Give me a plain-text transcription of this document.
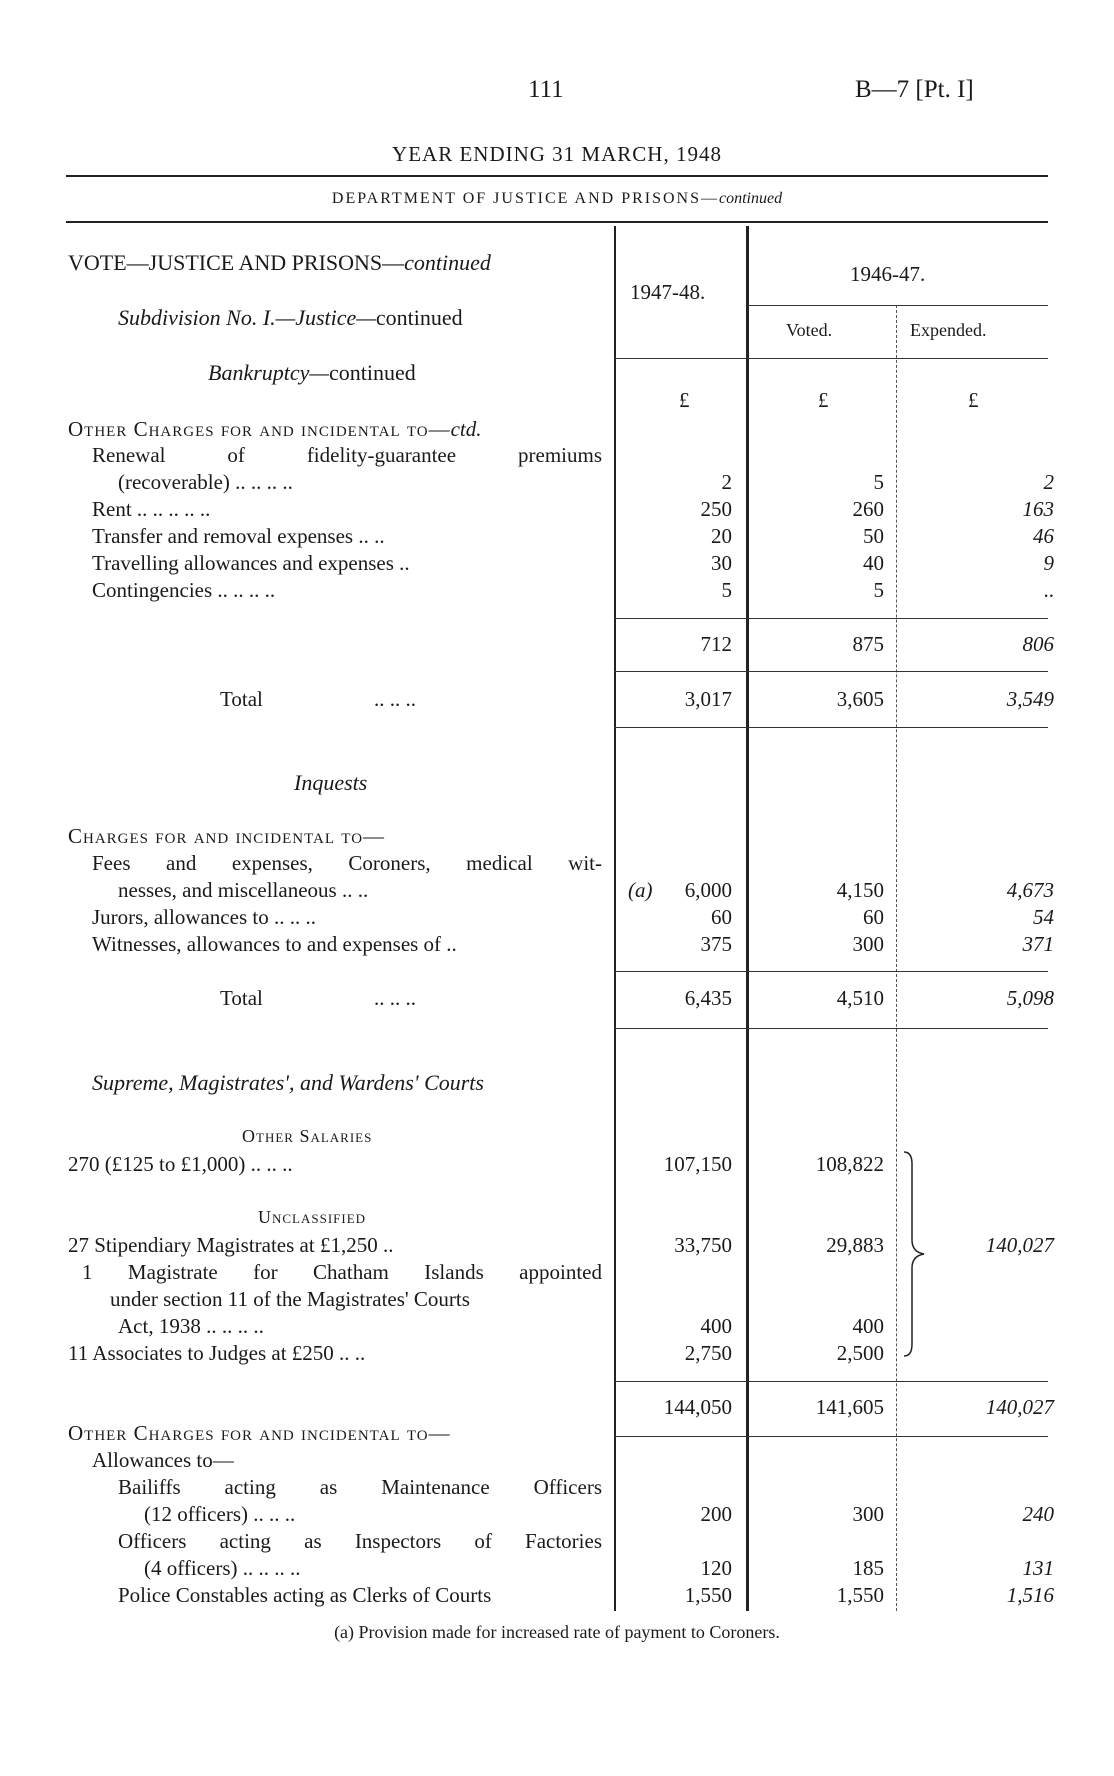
111	B—7 [Pt. I]
YEAR ENDING 31 MARCH, 1948
DEPARTMENT OF JUSTICE AND PRISONS—continued
1947-48.
1946-47.
Voted.	Expended.
£	£	£
VOTE—JUSTICE AND PRISONS—continued
Subdivision No. I.—Justice—continued
Bankruptcy—continued
Other Charges for and incidental to—ctd.
Renewal of fidelity-guarantee premiums
(recoverable) .. .. .. ..	2	5	2
Rent .. .. .. .. ..	250	260	163
Transfer and removal expenses .. ..	20	50	46
Travelling allowances and expenses ..	30	40	9
Contingencies .. .. .. ..	5	5	..
712	875	806
Total	.. .. ..	3,017	3,605	3,549
Inquests
Charges for and incidental to—
Fees and expenses, Coroners, medical wit-
nesses, and miscellaneous .. ..	(a)	6,000	4,150	4,673
Jurors, allowances to .. .. ..	60	60	54
Witnesses, allowances to and expenses of ..	375	300	371
Total	.. .. ..	6,435	4,510	5,098
Supreme, Magistrates', and Wardens' Courts
Other Salaries
270 (£125 to £1,000) .. .. ..	107,150	108,822
Unclassified
27 Stipendiary Magistrates at £1,250 ..	33,750	29,883
1 Magistrate for Chatham Islands appointed
under section 11 of the Magistrates' Courts
Act, 1938 .. .. .. ..	400	400
11 Associates to Judges at £250 .. ..	2,750	2,500
140,027
144,050	141,605	140,027
Other Charges for and incidental to—
Allowances to—
Bailiffs acting as Maintenance Officers
(12 officers) .. .. ..	200	300	240
Officers acting as Inspectors of Factories
(4 officers) .. .. .. ..	120	185	131
Police Constables acting as Clerks of Courts	1,550	1,550	1,516
(a) Provision made for increased rate of payment to Coroners.
